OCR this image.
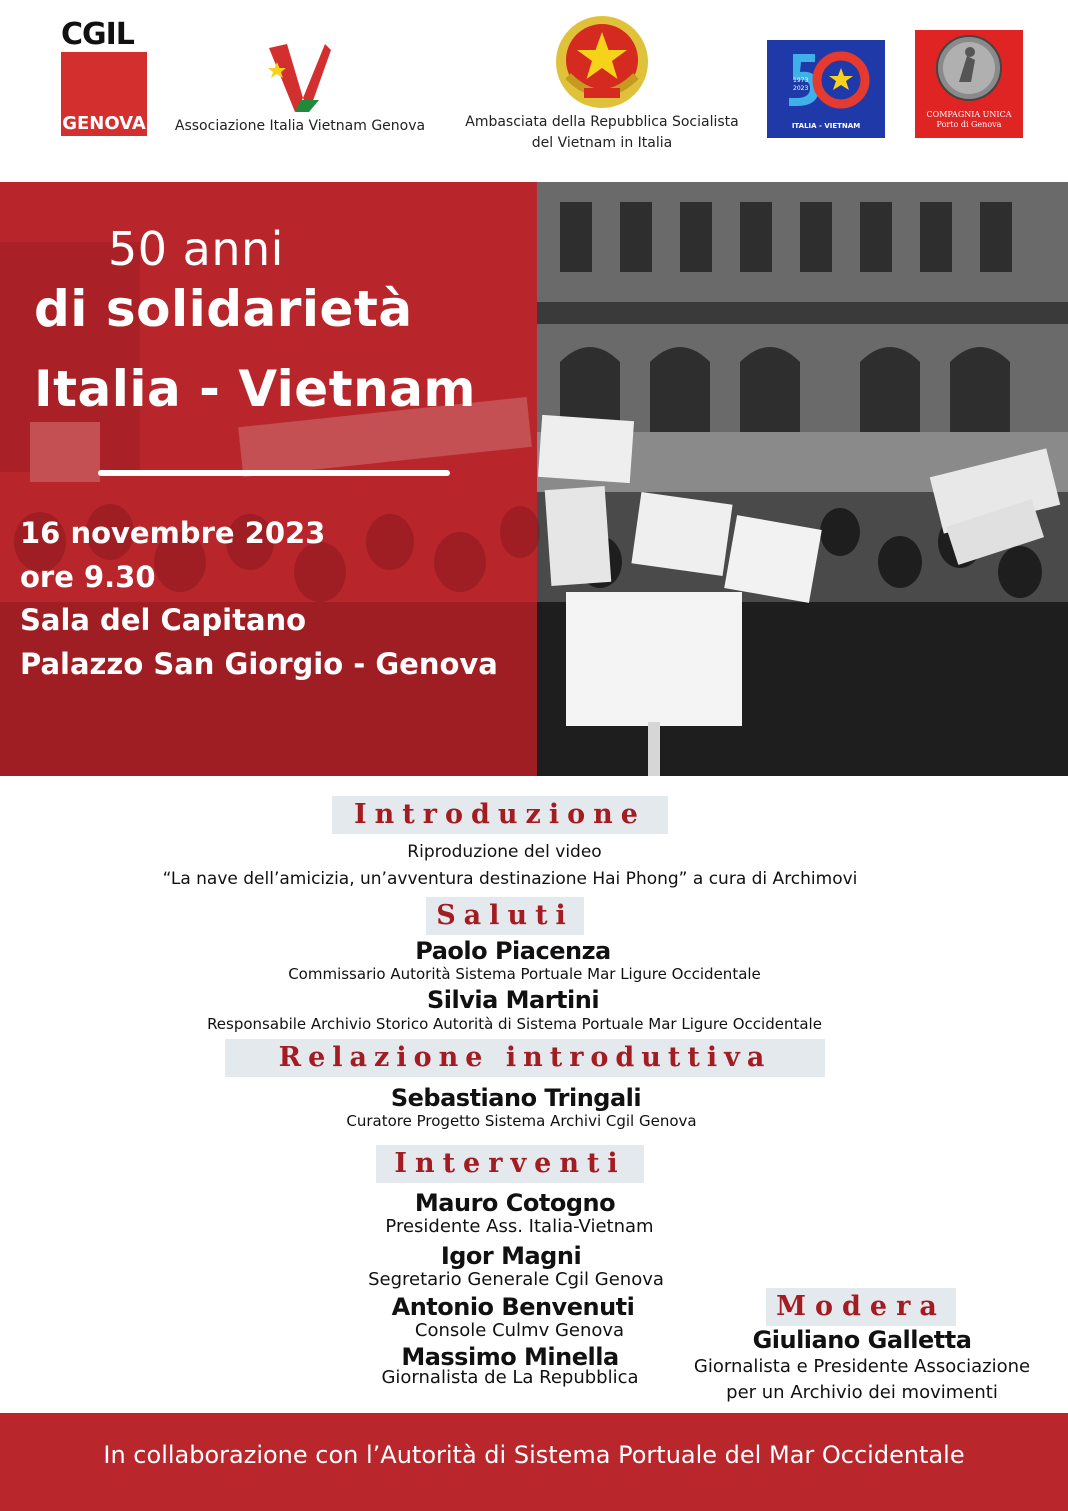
CGIL
GENOVA	Associazione Italia Vietnam Genova	Ambasciata della Repubblica Socialista
del Vietnam in Italia
1973
2023
ITALIA - VIETNAM
COMPAGNIA UNICA
Porto di Genova
50 anni
di solidarietà
Italia - Vietnam
16 novembre 2023
ore 9.30
Sala del Capitano
Palazzo San Giorgio - Genova
Introduzione
Riproduzione del video
“La nave dell’amicizia, un’avventura destinazione Hai Phong” a cura di Archimovi
Saluti
Paolo Piacenza
Commissario Autorità Sistema Portuale Mar Ligure Occidentale
Silvia Martini
Responsabile Archivio Storico Autorità di Sistema Portuale Mar Ligure Occidentale
Relazione introduttiva
Sebastiano Tringali
Curatore Progetto Sistema Archivi Cgil Genova
Interventi
Mauro Cotogno
Presidente Ass. Italia-Vietnam
Igor Magni
Segretario Generale Cgil Genova
Antonio Benvenuti
Console Culmv Genova
Massimo Minella
Giornalista de La Repubblica
Modera
Giuliano Galletta
Giornalista e Presidente Associazione
per un Archivio dei movimenti
In collaborazione con l’Autorità di Sistema Portuale del Mar Occidentale
